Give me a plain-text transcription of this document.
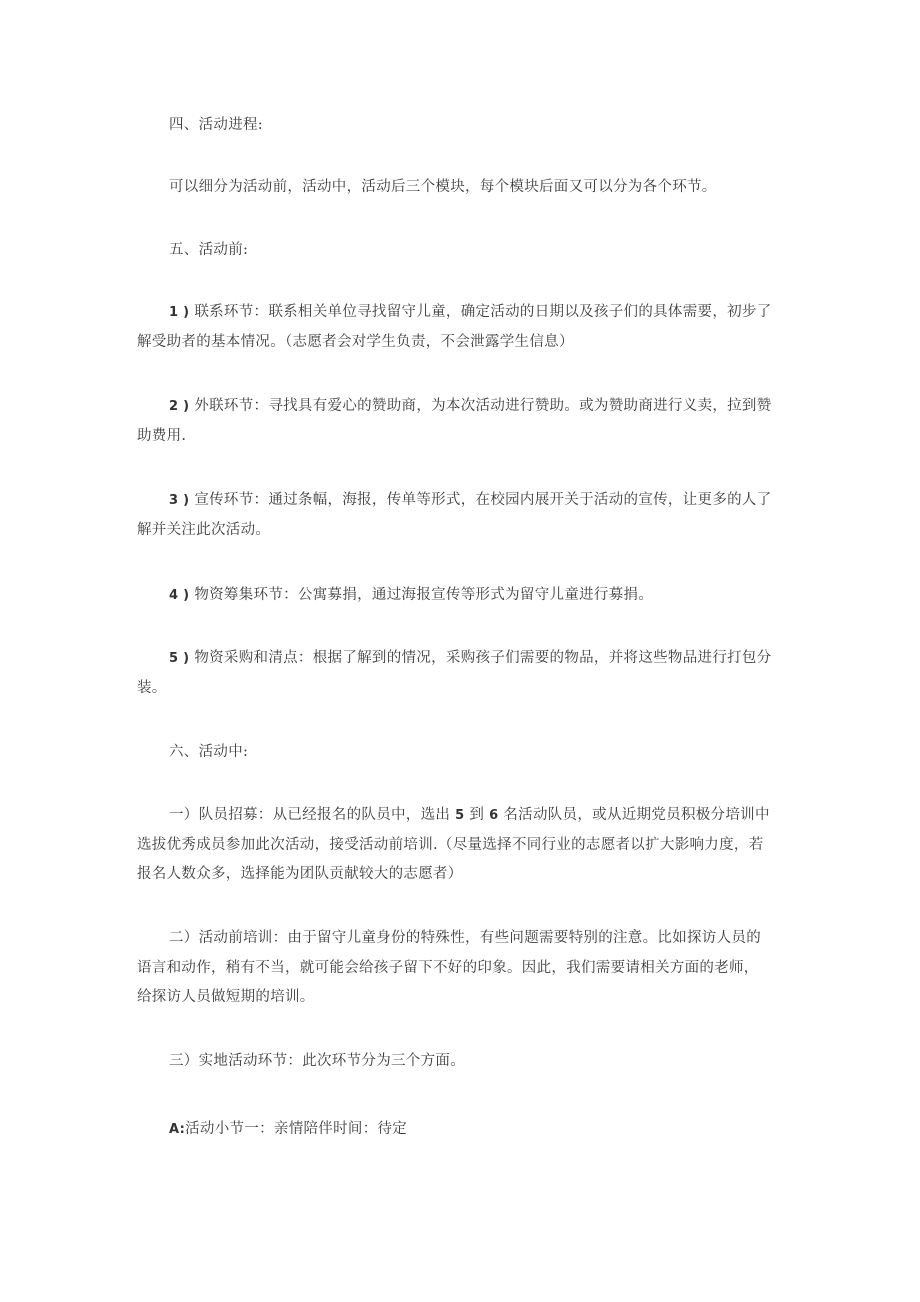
四、活动进程:
可以细分为活动前，活动中，活动后三个模块，每个模块后面又可以分为各个环节。
五、活动前:
1 ) 联系环节：联系相关单位寻找留守儿童，确定活动的日期以及孩子们的具体需要，初步了
解受助者的基本情况。（志愿者会对学生负责，不会泄露学生信息）
2 ) 外联环节：寻找具有爱心的赞助商，为本次活动进行赞助。或为赞助商进行义卖，拉到赞
助费用.
3 ) 宣传环节：通过条幅，海报，传单等形式，在校园内展开关于活动的宣传，让更多的人了
解并关注此次活动。
4 ) 物资筹集环节：公寓募捐，通过海报宣传等形式为留守儿童进行募捐。
5 ) 物资采购和清点：根据了解到的情况，采购孩子们需要的物品，并将这些物品进行打包分
装。
六、活动中:
一）队员招募：从已经报名的队员中，选出 5 到 6 名活动队员，或从近期党员积极分培训中
选拔优秀成员参加此次活动，接受活动前培训.（尽量选择不同行业的志愿者以扩大影响力度，若
报名人数众多，选择能为团队贡献较大的志愿者）
二）活动前培训：由于留守儿童身份的特殊性，有些问题需要特别的注意。比如探访人员的
语言和动作，稍有不当，就可能会给孩子留下不好的印象。因此，我们需要请相关方面的老师，
给探访人员做短期的培训。
三）实地活动环节：此次环节分为三个方面。
A:活动小节一：亲情陪伴时间：待定
